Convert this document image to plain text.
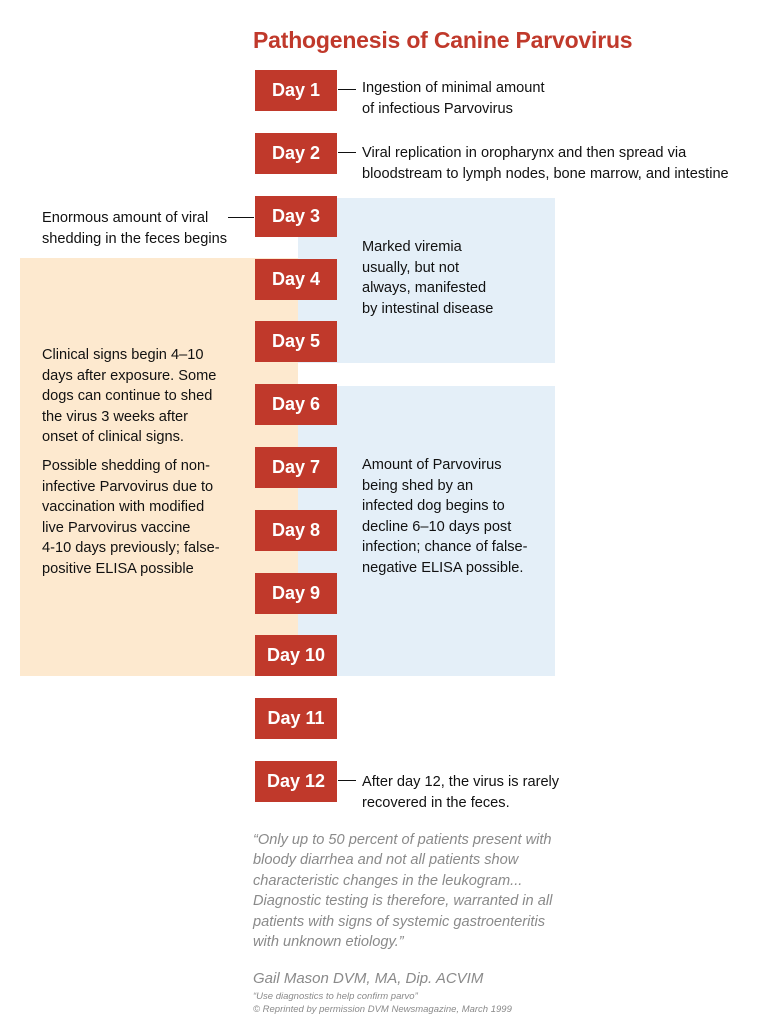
Pathogenesis of Canine Parvovirus
Day 1
Day 2
Day 3
Day 4
Day 5
Day 6
Day 7
Day 8
Day 9
Day 10
Day 11
Day 12
Ingestion of minimal amount
of infectious Parvovirus
Viral replication in oropharynx and then spread via
bloodstream to lymph nodes, bone marrow, and intestine
Enormous amount of viral
shedding in the feces begins
Marked viremia
usually, but not
always, manifested
by intestinal disease
Clinical signs begin 4–10
days after exposure. Some
dogs can continue to shed
the virus 3 weeks after
onset of clinical signs.
Possible shedding of non-
infective Parvovirus due to
vaccination with modified
live Parvovirus vaccine
4-10 days previously; false-
positive ELISA possible
Amount of Parvovirus
being shed by an
infected dog begins to
decline 6–10 days post
infection; chance of false-
negative ELISA possible.
After day 12, the virus is rarely
recovered in the feces.
“Only up to 50 percent of patients present with
bloody diarrhea and not all patients show
characteristic changes in the leukogram...
Diagnostic testing is therefore, warranted in all
patients with signs of systemic gastroenteritis
with unknown etiology.”
Gail Mason DVM, MA, Dip. ACVIM
“Use diagnostics to help confirm parvo”
© Reprinted by permission DVM Newsmagazine, March 1999
